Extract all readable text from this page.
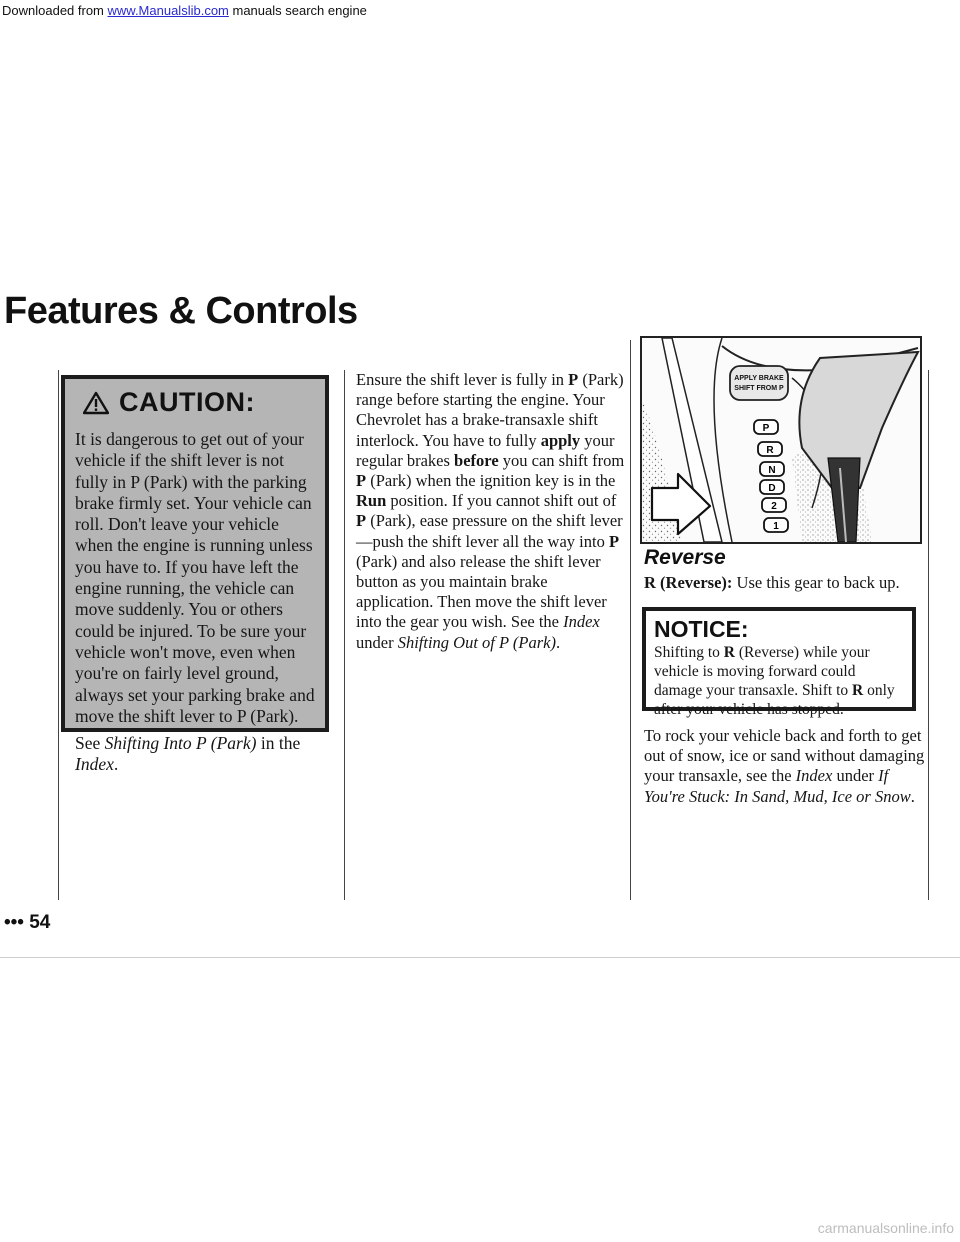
Downloaded from www.Manualslib.com manuals search engine
Features & Controls
CAUTION:

It is dangerous to get out of your vehicle if the shift lever is not fully in P (Park) with the parking brake firmly set. Your vehicle can roll. Don't leave your vehicle when the engine is running unless you have to. If you have left the engine running, the vehicle can move suddenly. You or others could be injured. To be sure your vehicle won't move, even when you're on fairly level ground, always set your parking brake and move the shift lever to P (Park).

See Shifting Into P (Park) in the Index.

Ensure the shift lever is fully in P (Park) range before starting the engine. Your Chevrolet has a brake-transaxle shift interlock. You have to fully apply your regular brakes before you can shift from P (Park) when the ignition key is in the Run position. If you cannot shift out of P (Park), ease pressure on the shift lever—push the shift lever all the way into P (Park) and also release the shift lever button as you maintain brake application. Then move the shift lever into the gear you wish. See the Index under Shifting Out of P (Park).

APPLY BRAKE
SHIFT FROM P
P
R
N
D
2
1
Reverse
R (Reverse): Use this gear to back up.

NOTICE:

Shifting to R (Reverse) while your vehicle is moving forward could damage your transaxle. Shift to R only after your vehicle has stopped.

To rock your vehicle back and forth to get out of snow, ice or sand without damaging your transaxle, see the Index under If You're Stuck: In Sand, Mud, Ice or Snow.

••• 54
carmanualsonline.info
